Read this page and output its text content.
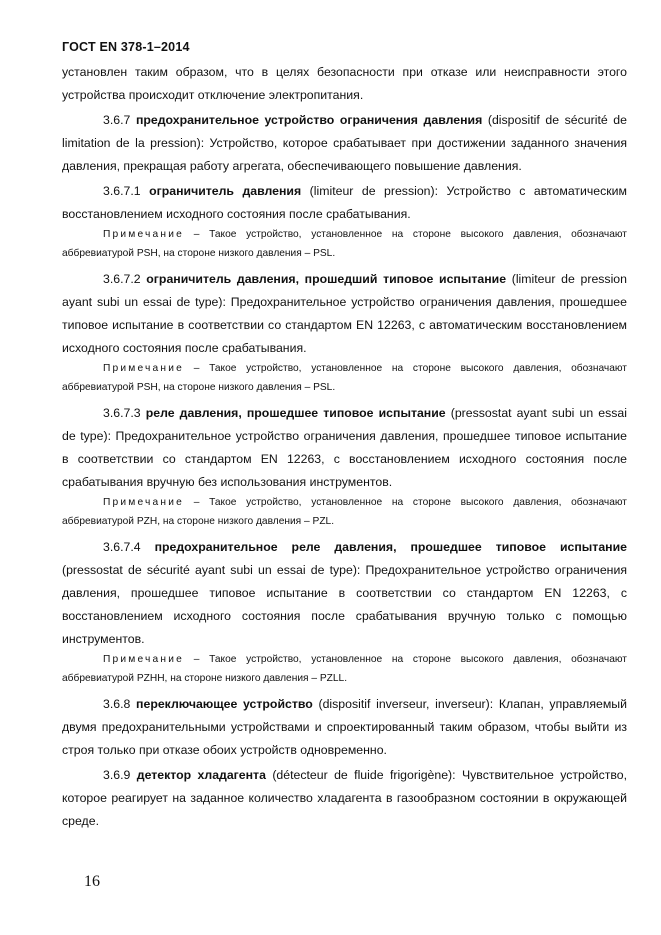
ГОСТ EN 378-1–2014
установлен таким образом, что в целях безопасности при отказе или неисправности этого устройства происходит отключение электропитания.
3.6.7 предохранительное устройство ограничения давления (dispositif de sécurité de limitation de la pression): Устройство, которое срабатывает при достижении заданного значения давления, прекращая работу агрегата, обеспечивающего повышение давления.
3.6.7.1 ограничитель давления (limiteur de pression): Устройство с автоматическим восстановлением исходного состояния после срабатывания.
Примечание – Такое устройство, установленное на стороне высокого давления, обозначают аббревиатурой PSH, на стороне низкого давления – PSL.
3.6.7.2 ограничитель давления, прошедший типовое испытание (limiteur de pression ayant subi un essai de type): Предохранительное устройство ограничения давления, прошедшее типовое испытание в соответствии со стандартом EN 12263, с автоматическим восстановлением исходного состояния после срабатывания.
Примечание – Такое устройство, установленное на стороне высокого давления, обозначают аббревиатурой PSH, на стороне низкого давления – PSL.
3.6.7.3 реле давления, прошедшее типовое испытание (pressostat ayant subi un essai de type): Предохранительное устройство ограничения давления, прошедшее типовое испытание в соответствии со стандартом EN 12263, с восстановлением исходного состояния после срабатывания вручную без использования инструментов.
Примечание – Такое устройство, установленное на стороне высокого давления, обозначают аббревиатурой PZH, на стороне низкого давления – PZL.
3.6.7.4 предохранительное реле давления, прошедшее типовое испытание (pressostat de sécurité ayant subi un essai de type): Предохранительное устройство ограничения давления, прошедшее типовое испытание в соответствии со стандартом EN 12263, с восстановлением исходного состояния после срабатывания вручную только с помощью инструментов.
Примечание – Такое устройство, установленное на стороне высокого давления, обозначают аббревиатурой PZHH, на стороне низкого давления – PZLL.
3.6.8 переключающее устройство (dispositif inverseur, inverseur): Клапан, управляемый двумя предохранительными устройствами и спроектированный таким образом, чтобы выйти из строя только при отказе обоих устройств одновременно.
3.6.9 детектор хладагента (détecteur de fluide frigorigène): Чувствительное устройство, которое реагирует на заданное количество хладагента в газообразном состоянии в окружающей среде.
16
